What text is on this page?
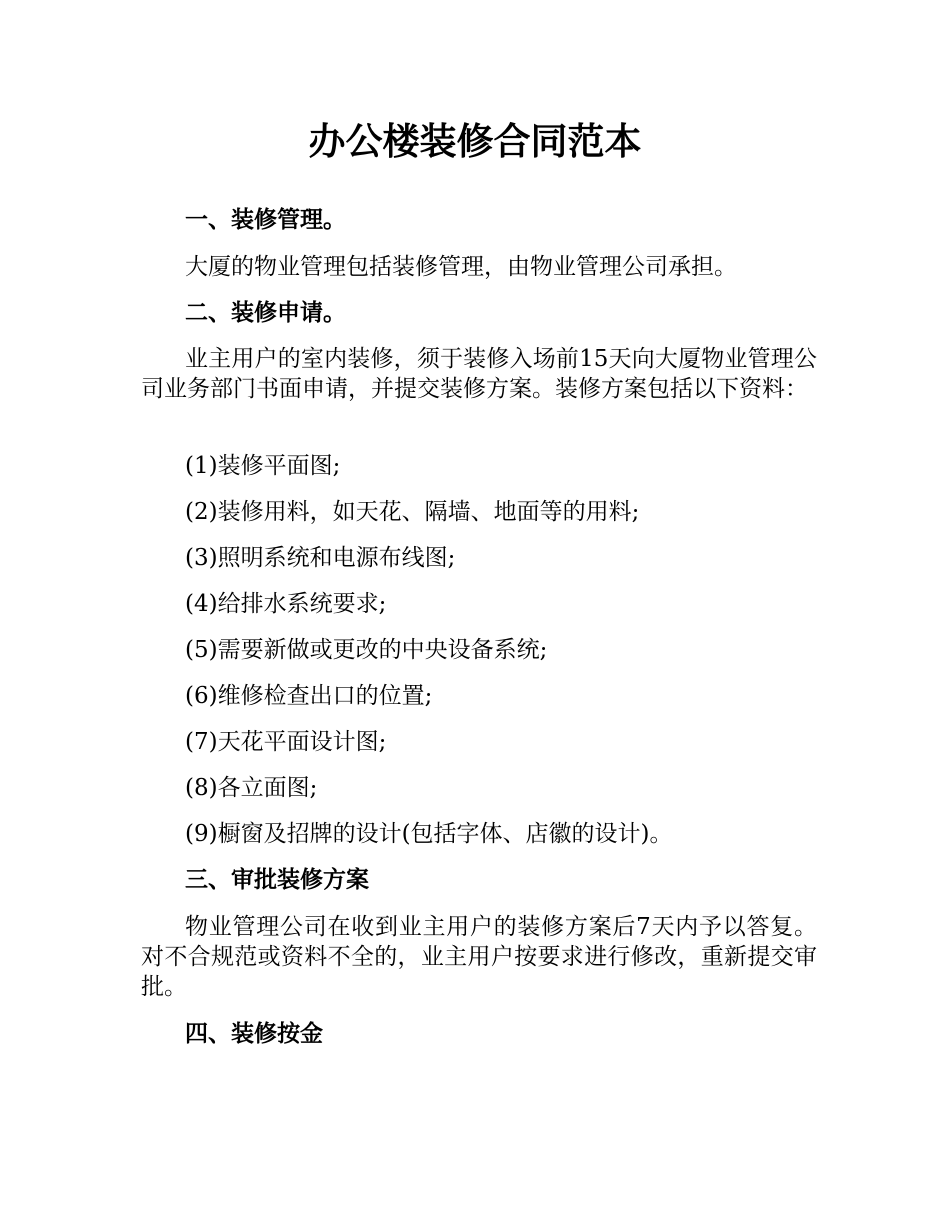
办公楼装修合同范本
一、装修管理。

大厦的物业管理包括装修管理，由物业管理公司承担。

二、装修申请。

业主用户的室内装修，须于装修入场前15天向大厦物业管理公司业务部门书面申请，并提交装修方案。装修方案包括以下资料：

(1)装修平面图;

(2)装修用料，如天花、隔墙、地面等的用料;

(3)照明系统和电源布线图;

(4)给排水系统要求;

(5)需要新做或更改的中央设备系统;

(6)维修检查出口的位置;

(7)天花平面设计图;

(8)各立面图;

(9)橱窗及招牌的设计(包括字体、店徽的设计)。

三、审批装修方案

物业管理公司在收到业主用户的装修方案后7天内予以答复。对不合规范或资料不全的，业主用户按要求进行修改，重新提交审批。

四、装修按金
